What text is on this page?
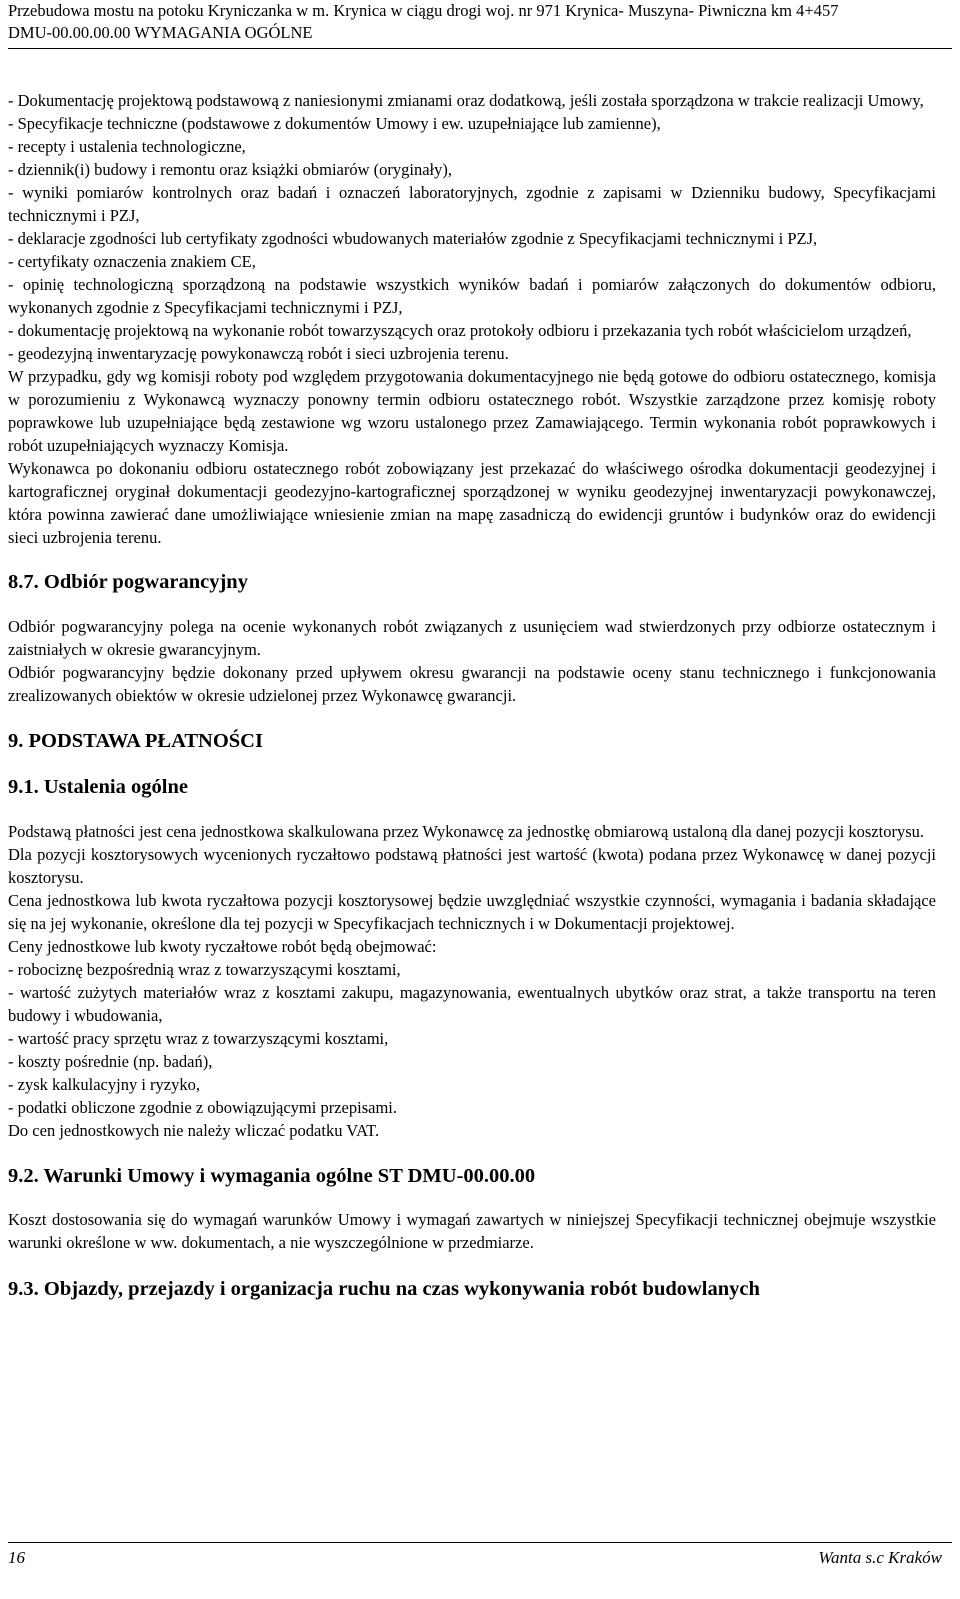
Przebudowa mostu na potoku Kryniczanka w m. Krynica w ciągu drogi woj. nr 971 Krynica- Muszyna- Piwniczna km 4+457
DMU-00.00.00.00 WYMAGANIA OGÓLNE

- Dokumentację projektową podstawową z naniesionymi zmianami oraz dodatkową, jeśli została sporządzona w trakcie realizacji Umowy,

- Specyfikacje techniczne (podstawowe z dokumentów Umowy i ew. uzupełniające lub zamienne),

- recepty i ustalenia technologiczne,

- dziennik(i) budowy i remontu oraz książki obmiarów (oryginały),

- wyniki pomiarów kontrolnych oraz badań i oznaczeń laboratoryjnych, zgodnie z zapisami w Dzienniku budowy, Specyfikacjami technicznymi i PZJ,

- deklaracje zgodności lub certyfikaty zgodności wbudowanych materiałów zgodnie z Specyfikacjami technicznymi i PZJ,

- certyfikaty oznaczenia znakiem CE,

- opinię technologiczną sporządzoną na podstawie wszystkich wyników badań i pomiarów załączonych do dokumentów odbioru, wykonanych zgodnie z Specyfikacjami technicznymi i PZJ,

- dokumentację projektową na wykonanie robót towarzyszących oraz protokoły odbioru i przekazania tych robót właścicielom urządzeń,

- geodezyjną inwentaryzację powykonawczą robót i sieci uzbrojenia terenu.

W przypadku, gdy wg komisji roboty pod względem przygotowania dokumentacyjnego nie będą gotowe do odbioru ostatecznego, komisja w porozumieniu z Wykonawcą wyznaczy ponowny termin odbioru ostatecznego robót. Wszystkie zarządzone przez komisję roboty poprawkowe lub uzupełniające będą zestawione wg wzoru ustalonego przez Zamawiającego. Termin wykonania robót poprawkowych i robót uzupełniających wyznaczy Komisja.

Wykonawca po dokonaniu odbioru ostatecznego robót zobowiązany jest przekazać do właściwego ośrodka dokumentacji geodezyjnej i kartograficznej oryginał dokumentacji geodezyjno-kartograficznej sporządzonej w wyniku geodezyjnej inwentaryzacji powykonawczej, która powinna zawierać dane umożliwiające wniesienie zmian na mapę zasadniczą do ewidencji gruntów i budynków oraz do ewidencji sieci uzbrojenia terenu.

8.7. Odbiór pogwarancyjny

Odbiór pogwarancyjny polega na ocenie wykonanych robót związanych z usunięciem wad stwierdzonych przy odbiorze ostatecznym i zaistniałych w okresie gwarancyjnym.

Odbiór pogwarancyjny będzie dokonany przed upływem okresu gwarancji na podstawie oceny stanu technicznego i funkcjonowania zrealizowanych obiektów w okresie udzielonej przez Wykonawcę gwarancji.

9. PODSTAWA PŁATNOŚCI
9.1. Ustalenia ogólne

Podstawą płatności jest cena jednostkowa skalkulowana przez Wykonawcę za jednostkę obmiarową ustaloną dla danej pozycji kosztorysu.

Dla pozycji kosztorysowych wycenionych ryczałtowo podstawą płatności jest wartość (kwota) podana przez Wykonawcę w danej pozycji kosztorysu.

Cena jednostkowa lub kwota ryczałtowa pozycji kosztorysowej będzie uwzględniać wszystkie czynności, wymagania i badania składające się na jej wykonanie, określone dla tej pozycji w Specyfikacjach technicznych i w Dokumentacji projektowej.

Ceny jednostkowe lub kwoty ryczałtowe robót będą obejmować:

- robociznę bezpośrednią wraz z towarzyszącymi kosztami,

- wartość zużytych materiałów wraz z kosztami zakupu, magazynowania, ewentualnych ubytków oraz strat, a także transportu na teren budowy i wbudowania,

- wartość pracy sprzętu wraz z towarzyszącymi kosztami,

- koszty pośrednie (np. badań),

- zysk kalkulacyjny i ryzyko,

- podatki obliczone zgodnie z obowiązującymi przepisami.

Do cen jednostkowych nie należy wliczać podatku VAT.

9.2. Warunki Umowy i wymagania ogólne ST DMU-00.00.00

Koszt dostosowania się do wymagań warunków Umowy i wymagań zawartych w niniejszej Specyfikacji technicznej obejmuje wszystkie warunki określone w ww. dokumentach, a nie wyszczególnione w przedmiarze.

9.3. Objazdy, przejazdy i organizacja ruchu na czas wykonywania robót budowlanych
16	Wanta s.c Kraków
